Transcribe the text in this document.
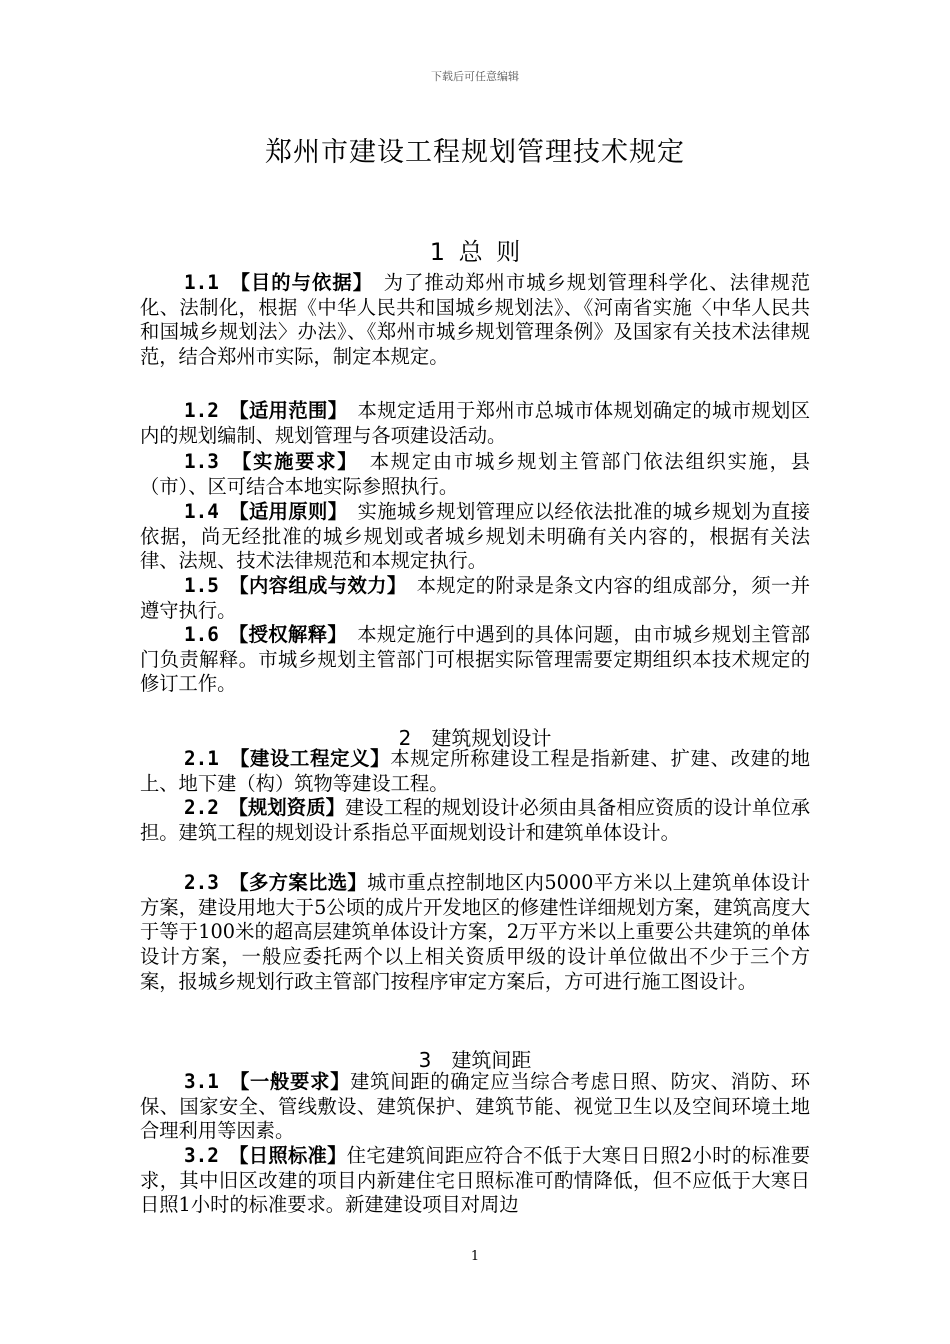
下载后可任意编辑
郑州市建设工程规划管理技术规定
1 总 则
1.1　 【目的与依据】  为了推动郑州市城乡规划管理科学化、法律规范化、法制化，根据《中华人民共和国城乡规划法》、《河南省实施〈中华人民共和国城乡规划法〉办法》、《郑州市城乡规划管理条例》及国家有关技术法律规范，结合郑州市实际，制定本规定。
1.2　 【适用范围】  本规定适用于郑州市总城市体规划确定的城市规划区内的规划编制、规划管理与各项建设活动。
1.3　 【实施要求】  本规定由市城乡规划主管部门依法组织实施，县（市）、区可结合本地实际参照执行。
1.4　 【适用原则】  实施城乡规划管理应以经依法批准的城乡规划为直接依据，尚无经批准的城乡规划或者城乡规划未明确有关内容的，根据有关法律、法规、技术法律规范和本规定执行。
1.5　 【内容组成与效力】  本规定的附录是条文内容的组成部分，须一并遵守执行。
1.6  【授权解释】  本规定施行中遇到的具体问题，由市城乡规划主管部门负责解释。市城乡规划主管部门可根据实际管理需要定期组织本技术规定的修订工作。
2　建筑规划设计
2.1　 【建设工程定义】本规定所称建设工程是指新建、扩建、改建的地上、地下建（构）筑物等建设工程。
2.2　 【规划资质】建设工程的规划设计必须由具备相应资质的设计单位承担。建筑工程的规划设计系指总平面规划设计和建筑单体设计。
2.3　 【多方案比选】城市重点控制地区内5000平方米以上建筑单体设计方案，建设用地大于5公顷的成片开发地区的修建性详细规划方案，建筑高度大于等于100米的超高层建筑单体设计方案，2万平方米以上重要公共建筑的单体设计方案，一般应委托两个以上相关资质甲级的设计单位做出不少于三个方案，报城乡规划行政主管部门按程序审定方案后，方可进行施工图设计。
3　建筑间距
3.1　 【一般要求】建筑间距的确定应当综合考虑日照、防灾、消防、环保、国家安全、管线敷设、建筑保护、建筑节能、视觉卫生以及空间环境土地合理利用等因素。
3.2　 【日照标准】住宅建筑间距应符合不低于大寒日日照2小时的标准要求，其中旧区改建的项目内新建住宅日照标准可酌情降低，但不应低于大寒日日照1小时的标准要求。新建建设项目对周边
1
